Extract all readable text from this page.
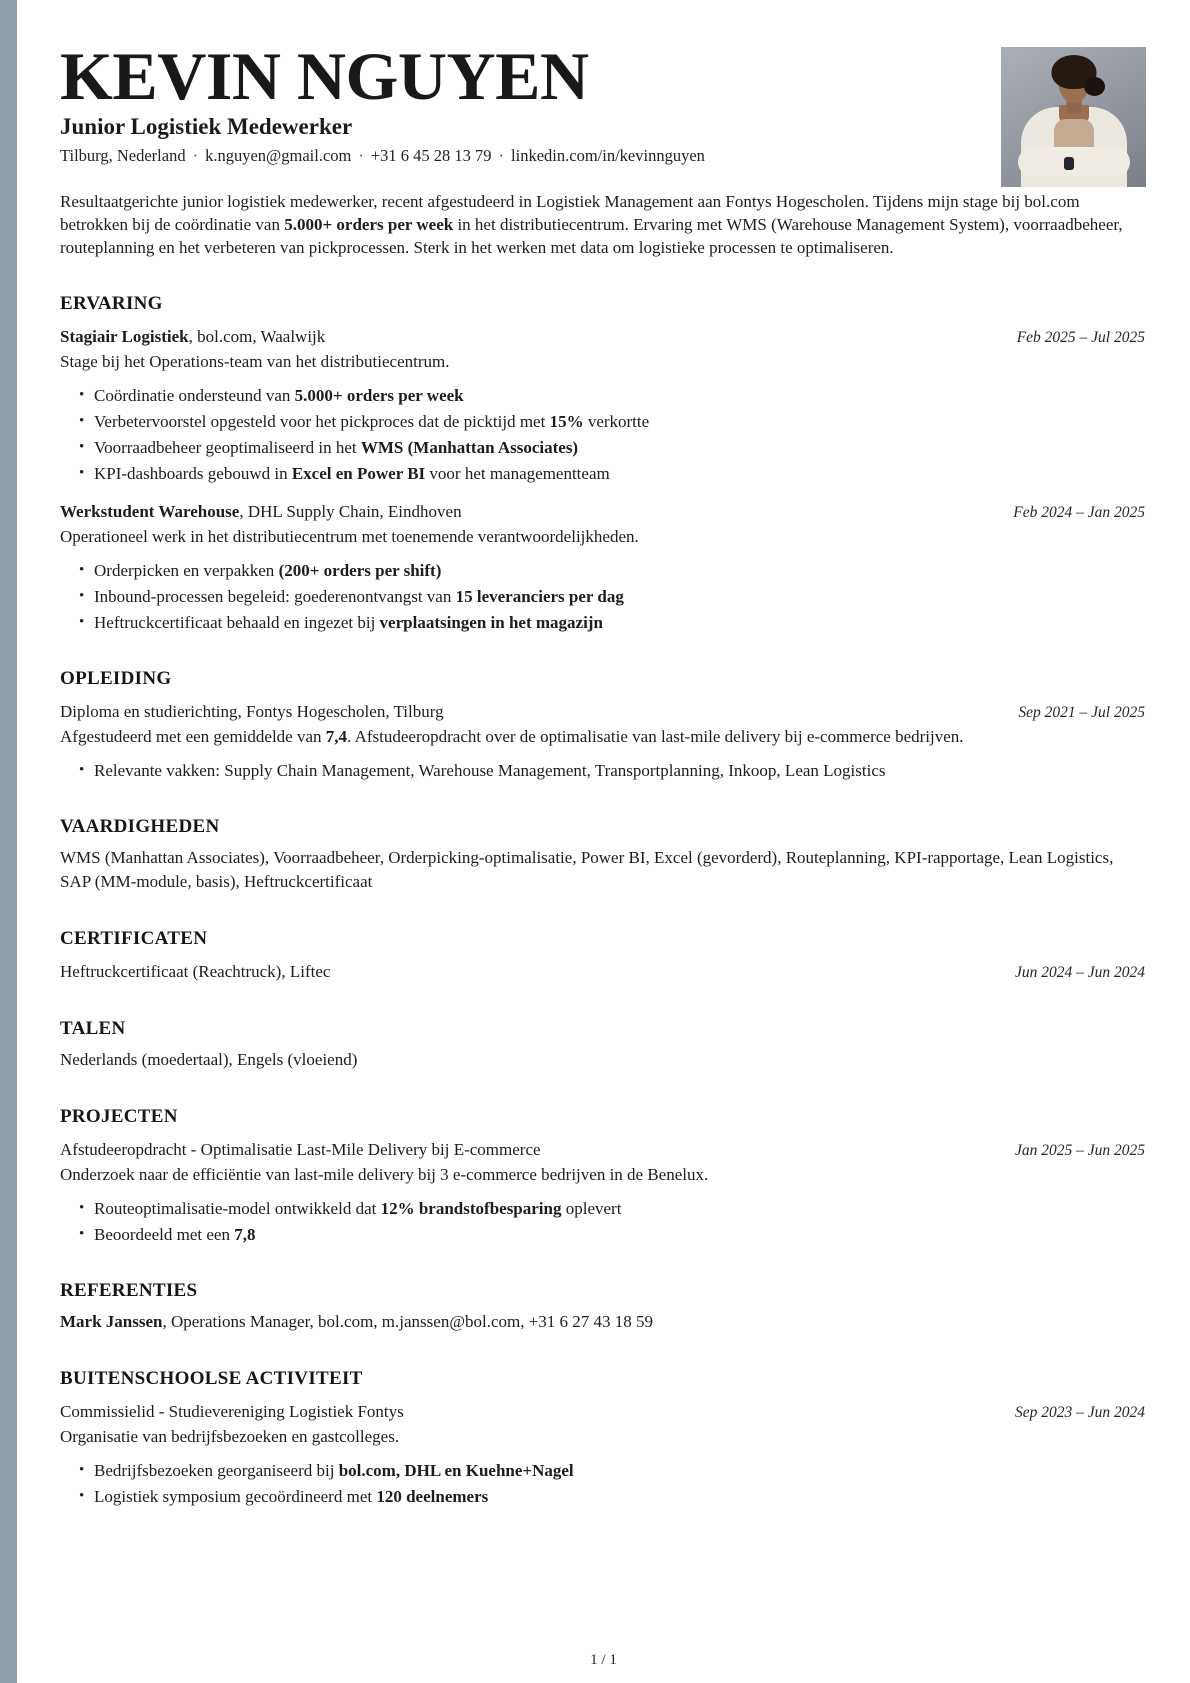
KEVIN NGUYEN
Junior Logistiek Medewerker
Tilburg, Nederland · k.nguyen@gmail.com · +31 6 45 28 13 79 · linkedin.com/in/kevinnguyen
Resultaatgerichte junior logistiek medewerker, recent afgestudeerd in Logistiek Management aan Fontys Hogescholen. Tijdens mijn stage bij bol.com betrokken bij de coördinatie van 5.000+ orders per week in het distributiecentrum. Ervaring met WMS (Warehouse Management System), voorraadbeheer, routeplanning en het verbeteren van pickprocessen. Sterk in het werken met data om logistieke processen te optimaliseren.
ERVARING
Stagiair Logistiek, bol.com, Waalwijk	Feb 2025 – Jul 2025
Stage bij het Operations-team van het distributiecentrum.
• Coördinatie ondersteund van 5.000+ orders per week
• Verbetervoorstel opgesteld voor het pickproces dat de picktijd met 15% verkortte
• Voorraadbeheer geoptimaliseerd in het WMS (Manhattan Associates)
• KPI-dashboards gebouwd in Excel en Power BI voor het managementteam
Werkstudent Warehouse, DHL Supply Chain, Eindhoven	Feb 2024 – Jan 2025
Operationeel werk in het distributiecentrum met toenemende verantwoordelijkheden.
• Orderpicken en verpakken (200+ orders per shift)
• Inbound-processen begeleid: goederenontvangst van 15 leveranciers per dag
• Heftruckcertificaat behaald en ingezet bij verplaatsingen in het magazijn
OPLEIDING
Diploma en studierichting, Fontys Hogescholen, Tilburg	Sep 2021 – Jul 2025
Afgestudeerd met een gemiddelde van 7,4. Afstudeeropdracht over de optimalisatie van last-mile delivery bij e-commerce bedrijven.
• Relevante vakken: Supply Chain Management, Warehouse Management, Transportplanning, Inkoop, Lean Logistics
VAARDIGHEDEN
WMS (Manhattan Associates), Voorraadbeheer, Orderpicking-optimalisatie, Power BI, Excel (gevorderd), Routeplanning, KPI-rapportage, Lean Logistics, SAP (MM-module, basis), Heftruckcertificaat
CERTIFICATEN
Heftruckcertificaat (Reachtruck), Liftec	Jun 2024 – Jun 2024
TALEN
Nederlands (moedertaal), Engels (vloeiend)
PROJECTEN
Afstudeeropdracht - Optimalisatie Last-Mile Delivery bij E-commerce	Jan 2025 – Jun 2025
Onderzoek naar de efficiëntie van last-mile delivery bij 3 e-commerce bedrijven in de Benelux.
• Routeoptimalisatie-model ontwikkeld dat 12% brandstofbesparing oplevert
• Beoordeeld met een 7,8
REFERENTIES
Mark Janssen, Operations Manager, bol.com, m.janssen@bol.com, +31 6 27 43 18 59
BUITENSCHOOLSE ACTIVITEIT
Commissielid - Studievereniging Logistiek Fontys	Sep 2023 – Jun 2024
Organisatie van bedrijfsbezoeken en gastcolleges.
• Bedrijfsbezoeken georganiseerd bij bol.com, DHL en Kuehne+Nagel
• Logistiek symposium gecoördineerd met 120 deelnemers
1 / 1
